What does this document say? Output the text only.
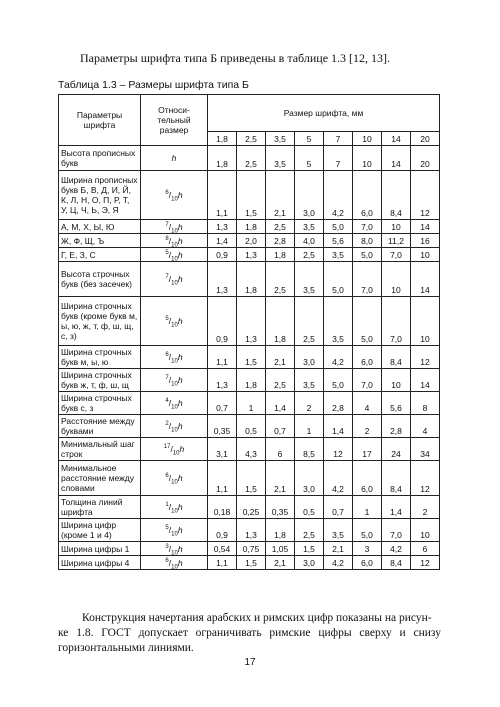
Параметры шрифта типа Б приведены в таблице 1.3 [12, 13].
Таблица 1.3 – Размеры шрифта типа Б
Параметры шрифта	Относи-тельный размер	Размер шрифта, мм							
		1,8	2,5	3,5	5	7	10	14	20
Высота прописных букв	h	1,8	2,5	3,5	5	7	10	14	20
Ширина прописных букв Б, В, Д, И, Й, К, Л, Н, О, П, Р, Т, У, Ц, Ч, Ь, Э, Я	$^6/_{10}h$	1,1	1,5	2,1	3,0	4,2	6,0	8,4	12
А, М, Х, Ы, Ю	$^7/_{10}h$	1,3	1,8	2,5	3,5	5,0	7,0	10	14
Ж, Ф, Щ, Ъ	$^8/_{10}h$	1,4	2,0	2,8	4,0	5,6	8,0	11,2	16
Г, Е, З, С	$^5/_{10}h$	0,9	1,3	1,8	2,5	3,5	5,0	7,0	10
Высота строчных букв (без засечек)	$^7/_{10}h$	1,3	1,8	2,5	3,5	5,0	7,0	10	14
Ширина строчных букв (кроме букв м, ы, ю, ж, т, ф, ш, щ, с, з)	$^5/_{10}h$	0,9	1,3	1,8	2,5	3,5	5,0	7,0	10
Ширина строчных букв м, ы, ю	$^6/_{10}h$	1,1	1,5	2,1	3,0	4,2	6,0	8,4	12
Ширина строчных букв ж, т, ф, ш, щ	$^7/_{10}h$	1,3	1,8	2,5	3,5	5,0	7,0	10	14
Ширина строчных букв с, з	$^4/_{10}h$	0,7	1	1,4	2	2,8	4	5,6	8
Расстояние между буквами	$^2/_{10}h$	0,35	0,5	0,7	1	1,4	2	2,8	4
Минимальный шаг строк	$^{17}/_{10}h$	3,1	4,3	6	8,5	12	17	24	34
Минимальное расстояние между словами	$^6/_{10}h$	1,1	1,5	2,1	3,0	4,2	6,0	8,4	12
Толщина линий шрифта	$^1/_{10}h$	0,18	0,25	0,35	0,5	0,7	1	1,4	2
Ширина цифр (кроме 1 и 4)	$^5/_{10}h$	0,9	1,3	1,8	2,5	3,5	5,0	7,0	10
Ширина цифры 1	$^3/_{10}h$	0,54	0,75	1,05	1,5	2,1	3	4,2	6
Ширина цифры 4	$^6/_{10}h$	1,1	1,5	2,1	3,0	4,2	6,0	8,4	12
Конструкция начертания арабских и римских цифр показаны на рисун-
ке 1.8. ГОСТ допускает ограничивать римские цифры сверху и снизу горизонтальными линиями.
17
